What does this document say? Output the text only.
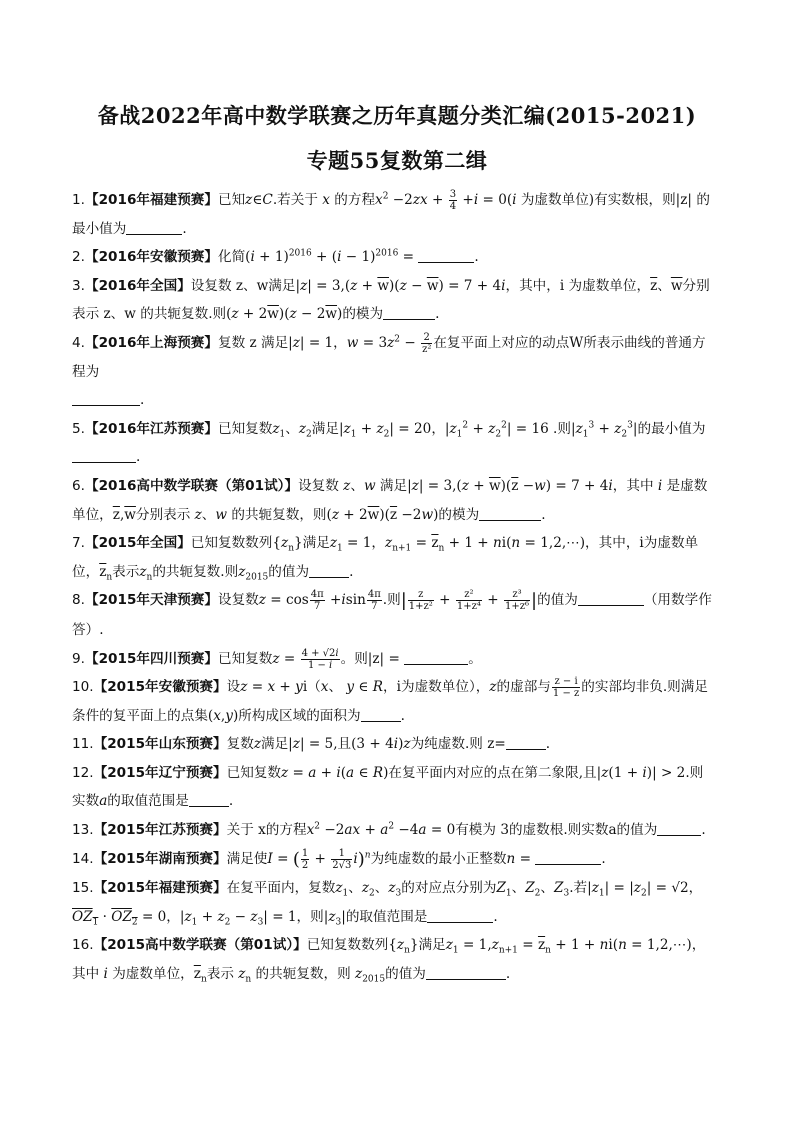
备战2022年高中数学联赛之历年真题分类汇编(2015-2021)
专题55复数第二缉

1.【2016年福建预赛】已知z∈C.若关于 x 的方程$x^2 -2zx + \frac{3}{4} +i = 0(i$ 为虚数单位)有实数根，则|z| 的最小值为	.

2.【2016年安徽预赛】化简$(i + 1)^{2016} + (i - 1)^{2016}$ =	.

3.【2016年全国】设复数 z、w满足$|z| = 3,(z + \overline{w})(z - \overline{w}) = 7 + 4i$，其中，i 为虚数单位，$\overline{z}$、$\overline{w}$分别表示 z、w 的共轭复数.则$(z + 2\overline{w})(z - 2\overline{w})$的模为	.

4.【2016年上海预赛】复数 z 满足|z| = 1，$w = 3z^2 - \frac{2}{\text{z²}}$ 在复平面上对应的动点W所表示曲线的普通方程为
.

5.【2016年江苏预赛】已知复数$z_1$、$z_2$满足$|z_1 + z_2| = 20$，$|z_1^2 + z_2^2| = 16$ .则$|z_1^3 + z_2^3|$的最小值为.

6.【2016高中数学联赛（第01试）】设复数 z、w 满足$|z| = 3,(z + \overline{w})(\overline{z} -w) = 7 + 4i$，其中 i 是虚数单位，$\overline{z},\overline{w}$分别表示 z、w 的共轭复数，则$(z + 2\overline{w})(\overline{z} -2w)$的模为	.

7.【2015年全国】已知复数数列$\{z_n\}$满足$z_1 = 1$，$z_{n+1} = \overline{z}_n + 1 + ni(n$ = 1,2,⋯)，其中，i为虚数单位，$\overline{z}_n$表示$z_n$的共轭复数.则$z_{2015}$的值为	.

8.【2015年天津预赛】设复数$z = \cos \frac{4\pi}{7} +isin \frac{4\pi}{7}$ .则| $\frac{z}{\text{1+z²}} + \frac{\text{z²}}{\text{1+z⁴}} + \frac{\text{z³}}{\text{1+z⁶}}$ |的值为	（用数学作答）.

9.【2015年四川预赛】已知复数$z = \frac{4 + √2i}{1 - i}$ 。则|z| =	。

10.【2015年安徽预赛】设z = x + yi（x、 y ∈ R，i为虚数单位），z的虚部与 $\frac{z - i}{1 - z}$ 的实部均非负.则满足条件的复平面上的点集(x,y)所构成区域的面积为	.

11.【2015年山东预赛】复数z满足|z| = 5,且(3 + 4i)z为纯虚数.则 z=	.

12.【2015年辽宁预赛】已知复数z = a + i(a ∈ R)在复平面内对应的点在第二象限,且|z(1 + i)| > 2.则实数a的取值范围是	.

13.【2015年江苏预赛】关于 x的方程$x^2 -2ax + a^2 -4a = 0$有模为 3的虚数根.则实数a的值为	.

14.【2015年湖南预赛】满足使I = ( $\frac{1}{2} + \frac{1}{2√3} i)^n$为纯虚数的最小正整数n =	.

15.【2015年福建预赛】在复平面内，复数$z_1$、$z_2$、$z_3$的对应点分别为$Z_1$、$Z_2$、$Z_3$.若$|z_1| = |z_2| = √2$，$OZ_1 \cdot OZ_2 = 0$，$|z_1 + z_2 - z_3| = 1$，则$|z_3|$的取值范围是	.

16.【2015高中数学联赛（第01试）】已知复数数列$\{z_n\}$满足$z_1 = 1,z_{n+1} = \overline{z}_n + 1 + ni(n$ = 1,2,⋯)，其中 i 为虚数单位，$\overline{z}_n$表示 $z_n$ 的共轭复数，则 $z_{2015}$的值为	.
